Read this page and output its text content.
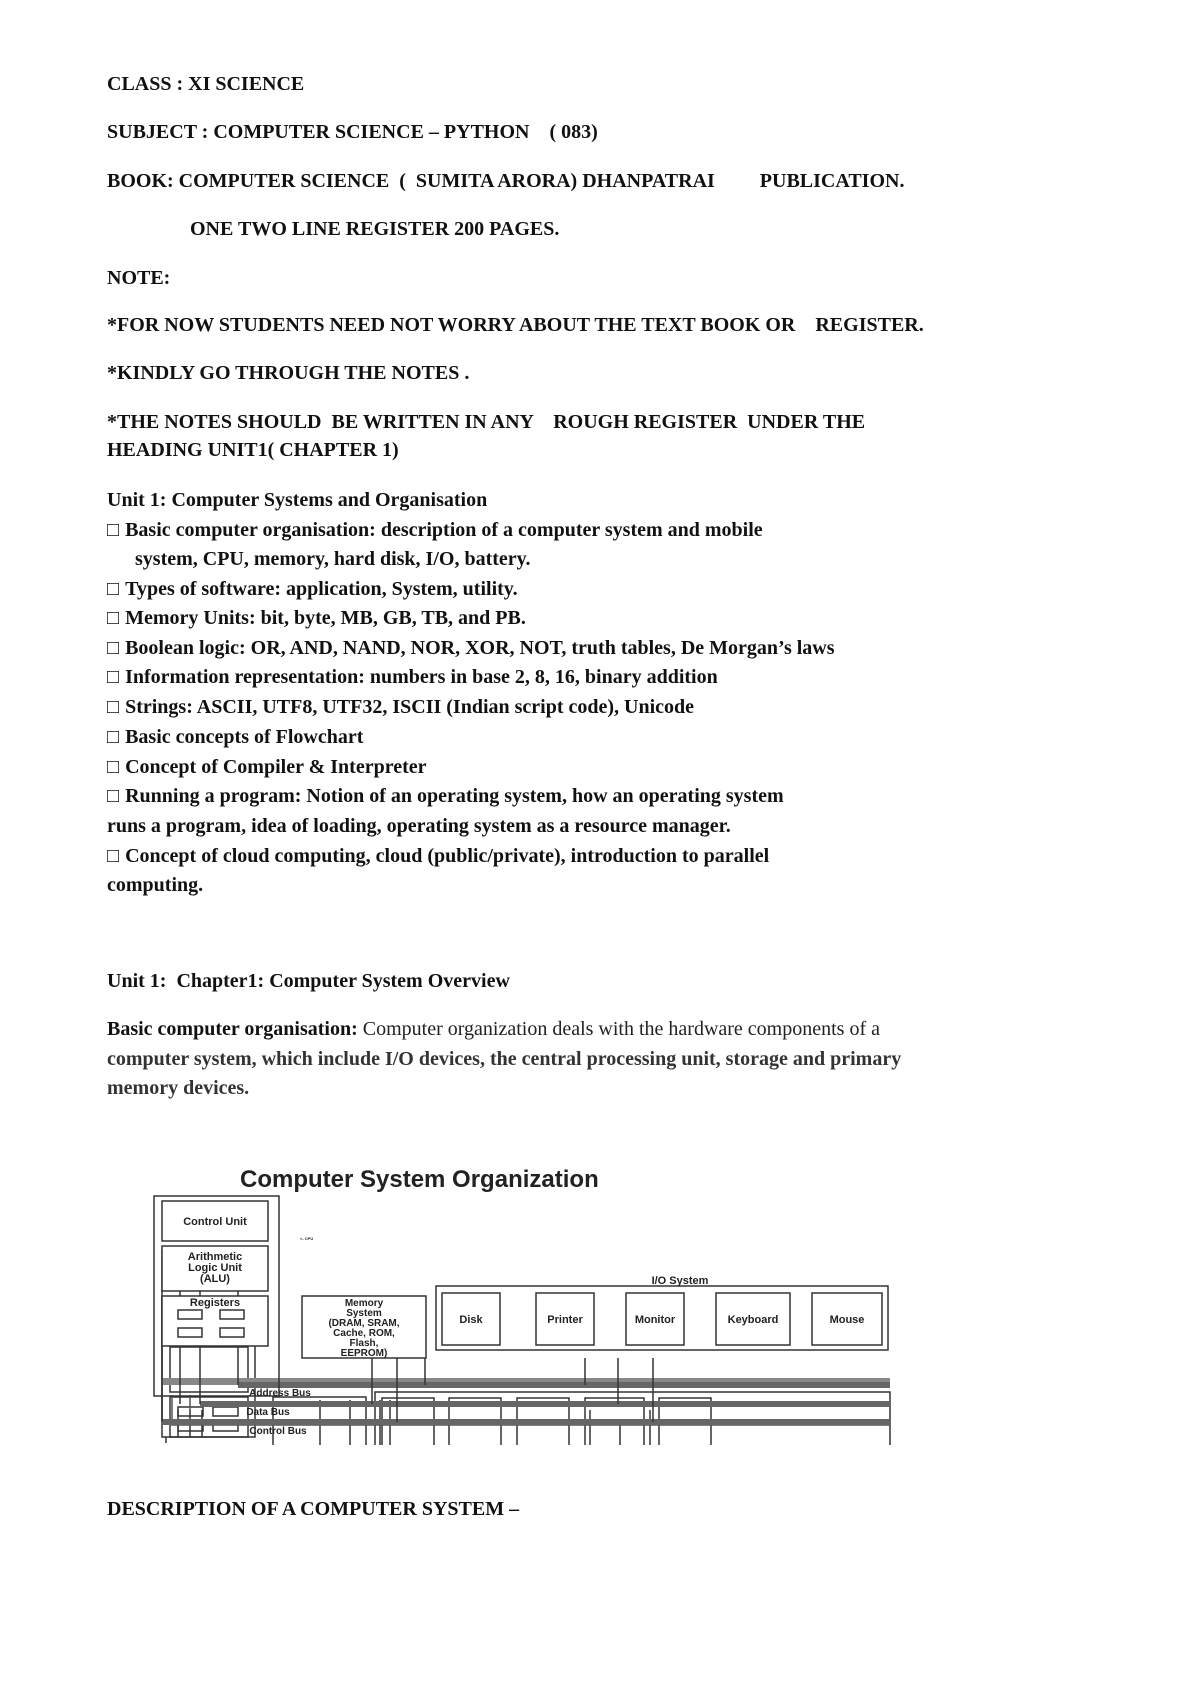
CLASS : XI SCIENCE
SUBJECT : COMPUTER SCIENCE – PYTHON    ( 083)
BOOK: COMPUTER SCIENCE  (  SUMITA ARORA) DHANPATRAI         PUBLICATION.
ONE TWO LINE REGISTER 200 PAGES.
NOTE:
*FOR NOW STUDENTS NEED NOT WORRY ABOUT THE TEXT BOOK OR    REGISTER.
*KINDLY GO THROUGH THE NOTES .
*THE NOTES SHOULD  BE WRITTEN IN ANY    ROUGH REGISTER  UNDER THE
HEADING UNIT1( CHAPTER 1)
Unit 1: Computer Systems and Organisation
□ Basic computer organisation: description of a computer system and mobile
system, CPU, memory, hard disk, I/O, battery.
□ Types of software: application, System, utility.
□ Memory Units: bit, byte, MB, GB, TB, and PB.
□ Boolean logic: OR, AND, NAND, NOR, XOR, NOT, truth tables, De Morgan’s laws
□ Information representation: numbers in base 2, 8, 16, binary addition
□ Strings: ASCII, UTF8, UTF32, ISCII (Indian script code), Unicode
□ Basic concepts of Flowchart
□ Concept of Compiler & Interpreter
□ Running a program: Notion of an operating system, how an operating system
runs a program, idea of loading, operating system as a resource manager.
□ Concept of cloud computing, cloud (public/private), introduction to parallel
computing.
Unit 1:  Chapter1: Computer System Overview
Basic computer organisation: Computer organization deals with the hardware components of a
computer system, which include I/O devices, the central processing unit, storage and primary
memory devices.
Computer System Organization
Control Unit
Arithmetic
Logic Unit
(ALU)
Registers
<- CPU
Memory
System
(DRAM, SRAM,
Cache, ROM,
Flash,
EEPROM)
I/O System
Disk	Printer	Monitor	Keyboard	Mouse
Address Bus
Data Bus
Control Bus
DESCRIPTION OF A COMPUTER SYSTEM –
